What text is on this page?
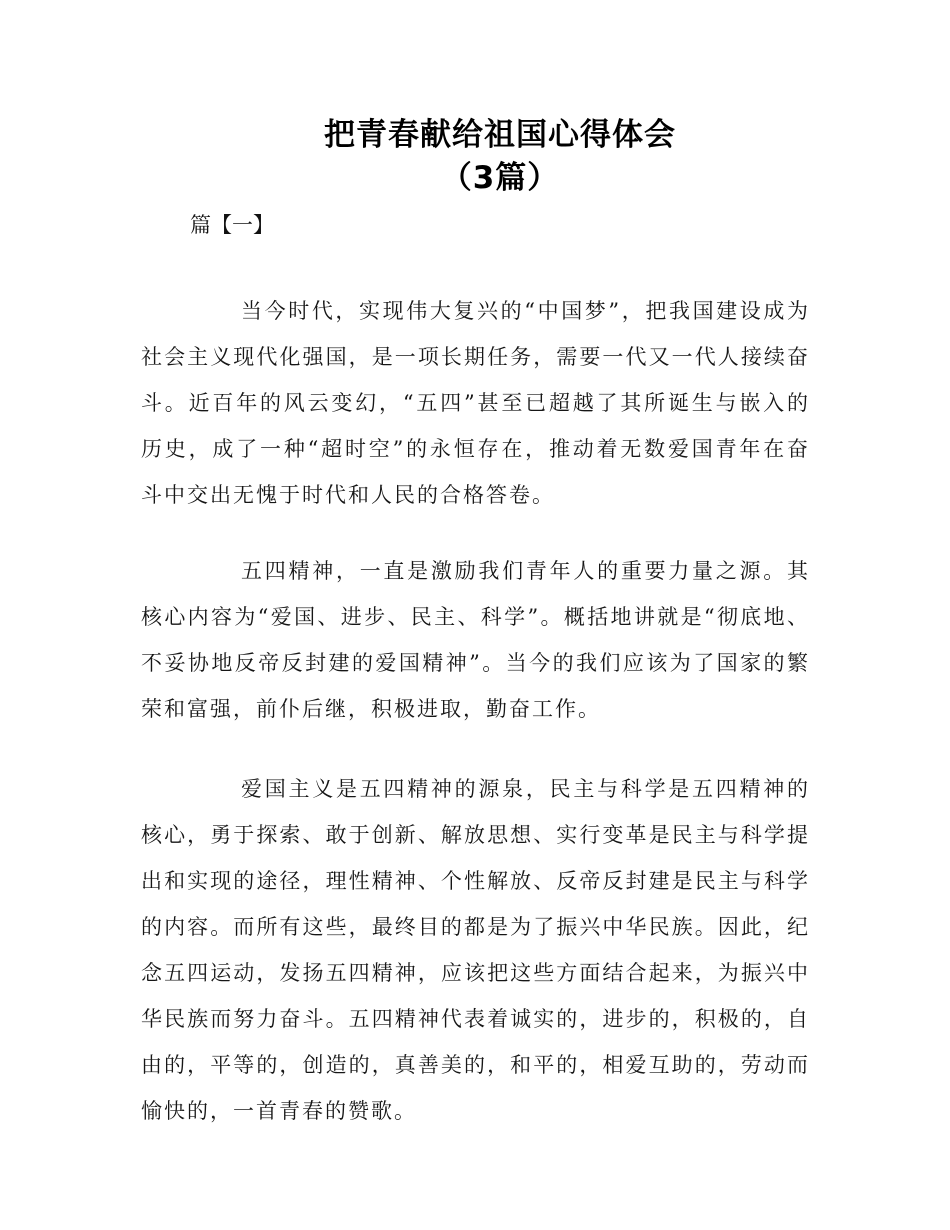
把青春献给祖国心得体会
（3篇）
篇【一】

当今时代，实现伟大复兴的“中国梦”，把我国建设成为社会主义现代化强国，是一项长期任务，需要一代又一代人接续奋斗。近百年的风云变幻，“五四”甚至已超越了其所诞生与嵌入的历史，成了一种“超时空”的永恒存在，推动着无数爱国青年在奋斗中交出无愧于时代和人民的合格答卷。

五四精神，一直是激励我们青年人的重要力量之源。其核心内容为“爱国、进步、民主、科学”。概括地讲就是“彻底地、不妥协地反帝反封建的爱国精神”。当今的我们应该为了国家的繁荣和富强，前仆后继，积极进取，勤奋工作。

爱国主义是五四精神的源泉，民主与科学是五四精神的核心，勇于探索、敢于创新、解放思想、实行变革是民主与科学提出和实现的途径，理性精神、个性解放、反帝反封建是民主与科学的内容。而所有这些，最终目的都是为了振兴中华民族。因此，纪念五四运动，发扬五四精神，应该把这些方面结合起来，为振兴中华民族而努力奋斗。五四精神代表着诚实的，进步的，积极的，自由的，平等的，创造的，真善美的，和平的，相爱互助的，劳动而愉快的，一首青春的赞歌。
